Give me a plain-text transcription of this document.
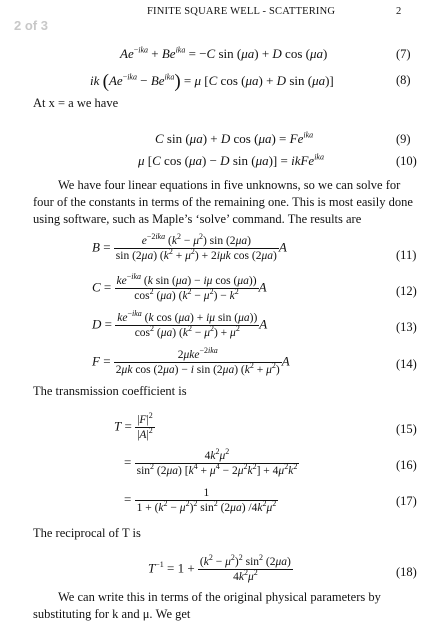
FINITE SQUARE WELL - SCATTERING	2
2 of 3
$Ae^{-ika} + Be^{ika} = -C$ sin (μa) + D cos (μa)	(7)
ik $(Ae^{-ika} - Be^{ika}) = \mu$ [C cos (μa) + D sin (μa)]	(8)
At x = a we have
C sin (μa) + D $\cos (\mu a) = Fe^{ika}$	(9)
μ [C cos (μa) − D sin (μa)] = ikFe$^{ika}$	(10)
We have four linear equations in five unknowns, so we can solve for four of the constants in terms of the remaining one. This is most easily done using software, such as Maple’s ‘solve’ command. The results are
$B = \frac{e^{-2ika} (k^2 - \mu^2) \sin (2\mu a)}{\sin (2\mu a) (k^2 + \mu^2) + 2i\mu k \cos (2\mu a)}$ A
(11)
$C = \frac{ke^{-ika} (k \sin (\mu a) - i\mu \cos (\mu a))}{\cos^2 (\mu a) (k^2 - \mu^2) - k^2}$ A	(12)
$D = \frac{ke^{-ika} (k \cos (\mu a) + i\mu \sin (\mu a))}{\cos^2 (\mu a) (k^2 - \mu^2) + \mu^2}$ A	(13)
$F = \frac{2\mu ke^{-2ika}}{2\mu k \cos (2\mu a) - i \sin (2\mu a) (k^2 + \mu^2)}$ A	(14)
The transmission coefficient is
$T = \frac{|F|^2}{|A|^2}$	(15)
= $\frac{4k^2\mu^2}{\sin^2 (2\mu a) [k^4 + \mu^4 - 2\mu^2k^2] + 4\mu^2k^2}$	(16)
= $\frac{1}{1 + (k^2 - \mu^2)^2 \sin^2 (2\mu a) /4k^2\mu^2}$	(17)
The reciprocal of T is
$T^{-1} = 1 + \frac{(k^2 - \mu^2)^2 \sin^2 (2\mu a)}{4k^2\mu^2}$	(18)
We can write this in terms of the original physical parameters by substituting for k and μ. We get
